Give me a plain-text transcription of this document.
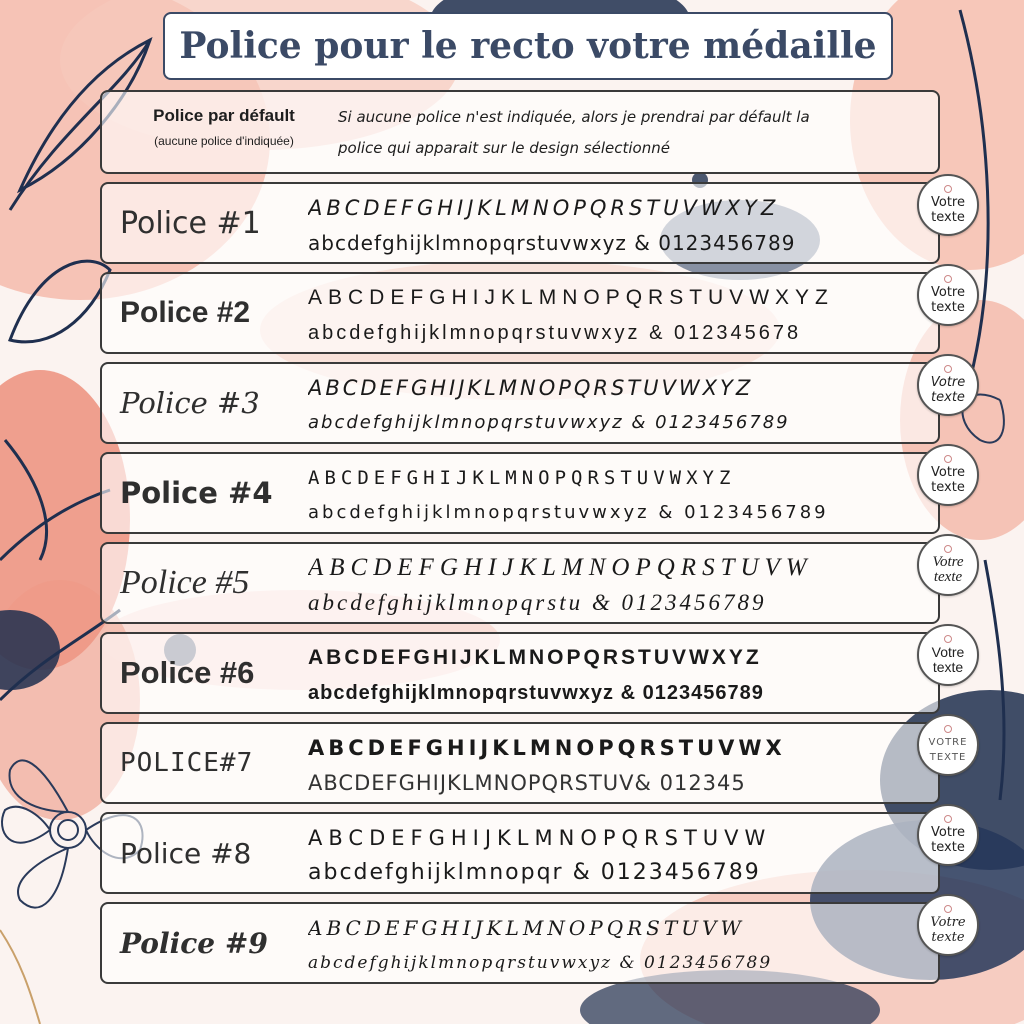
Police pour le recto votre médaille
Police par défault
(aucune police d'indiquée)
Si aucune police n'est indiquée, alors je prendrai par défault la
police qui apparait sur le design sélectionné
Police #1	ABCDEFGHIJKLMNOPQRSTUVWXYZ
abcdefghijklmnopqrstuvwxyz & 0123456789
Police #2	ABCDEFGHIJKLMNOPQRSTUVWXYZ
abcdefghijklmnopqrstuvwxyz & 012345678
Police #3	ABCDEFGHIJKLMNOPQRSTUVWXYZ
abcdefghijklmnopqrstuvwxyz & 0123456789
Police #4	ABCDEFGHIJKLMNOPQRSTUVWXYZ
abcdefghijklmnopqrstuvwxyz & 0123456789
Police #5	ABCDEFGHIJKLMNOPQRSTUVW
abcdefghijklmnopqrstu & 0123456789
Police #6	ABCDEFGHIJKLMNOPQRSTUVWXYZ
abcdefghijklmnopqrstuvwxyz & 0123456789
POLICE#7	ABCDEFGHIJKLMNOPQRSTUVWX
ABCDEFGHIJKLMNOPQRSTUV& 012345
Police #8	ABCDEFGHIJKLMNOPQRSTUVW
abcdefghijklmnopqr & 0123456789
Police #9	ABCDEFGHIJKLMNOPQRSTUVW
abcdefghijklmnopqrstuvwxyz & 0123456789
Votre
texte
Votre
texte
Votre
texte
Votre
texte
Votre
texte
Votre
texte
VOTRE
TEXTE
Votre
texte
Votre
texte
